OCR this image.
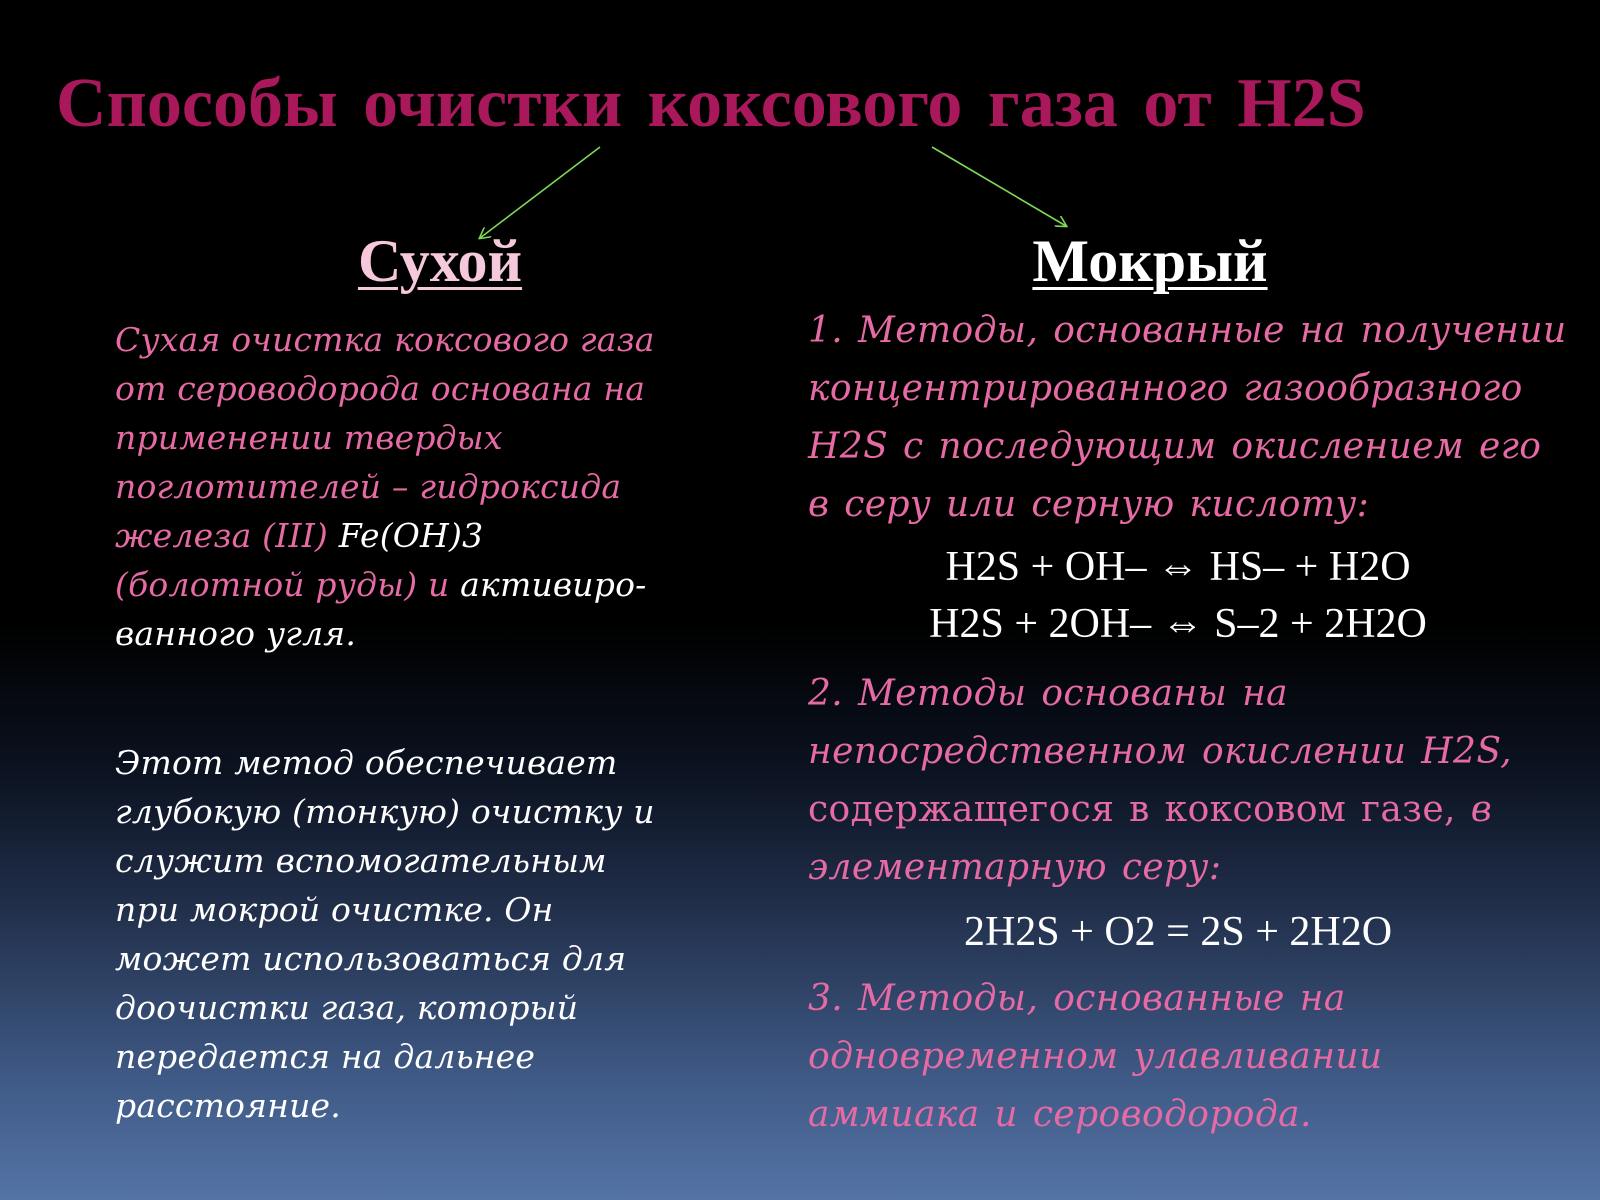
Способы очистки коксового газа от H2S
Сухой	Мокрый
Сухая очистка коксового газа от сероводорода основана на применении твердых поглотителей – гидроксида железа (III) Fe(OH)3 (болотной руды) и активиро-ванного угля.
Этот метод обеспечивает глубокую (тонкую) очистку и служит вспомогательным при мокрой очистке. Он может использоваться для доочистки газа, который передается на дальнее расстояние.
1. Методы, основанные на получении концентрированного газообразного H2S с последующим окислением его в серу или серную кислоту:
H2S + OH– ⇔ HS– + H2O
H2S + 2OH– ⇔ S–2 + 2H2O
2. Методы основаны на непосредственном окислении H2S, содержащегося в коксовом газе, в элементарную серу:
2H2S + O2 = 2S + 2H2O
3. Методы, основанные на одновременном улавливании аммиака и сероводорода.
